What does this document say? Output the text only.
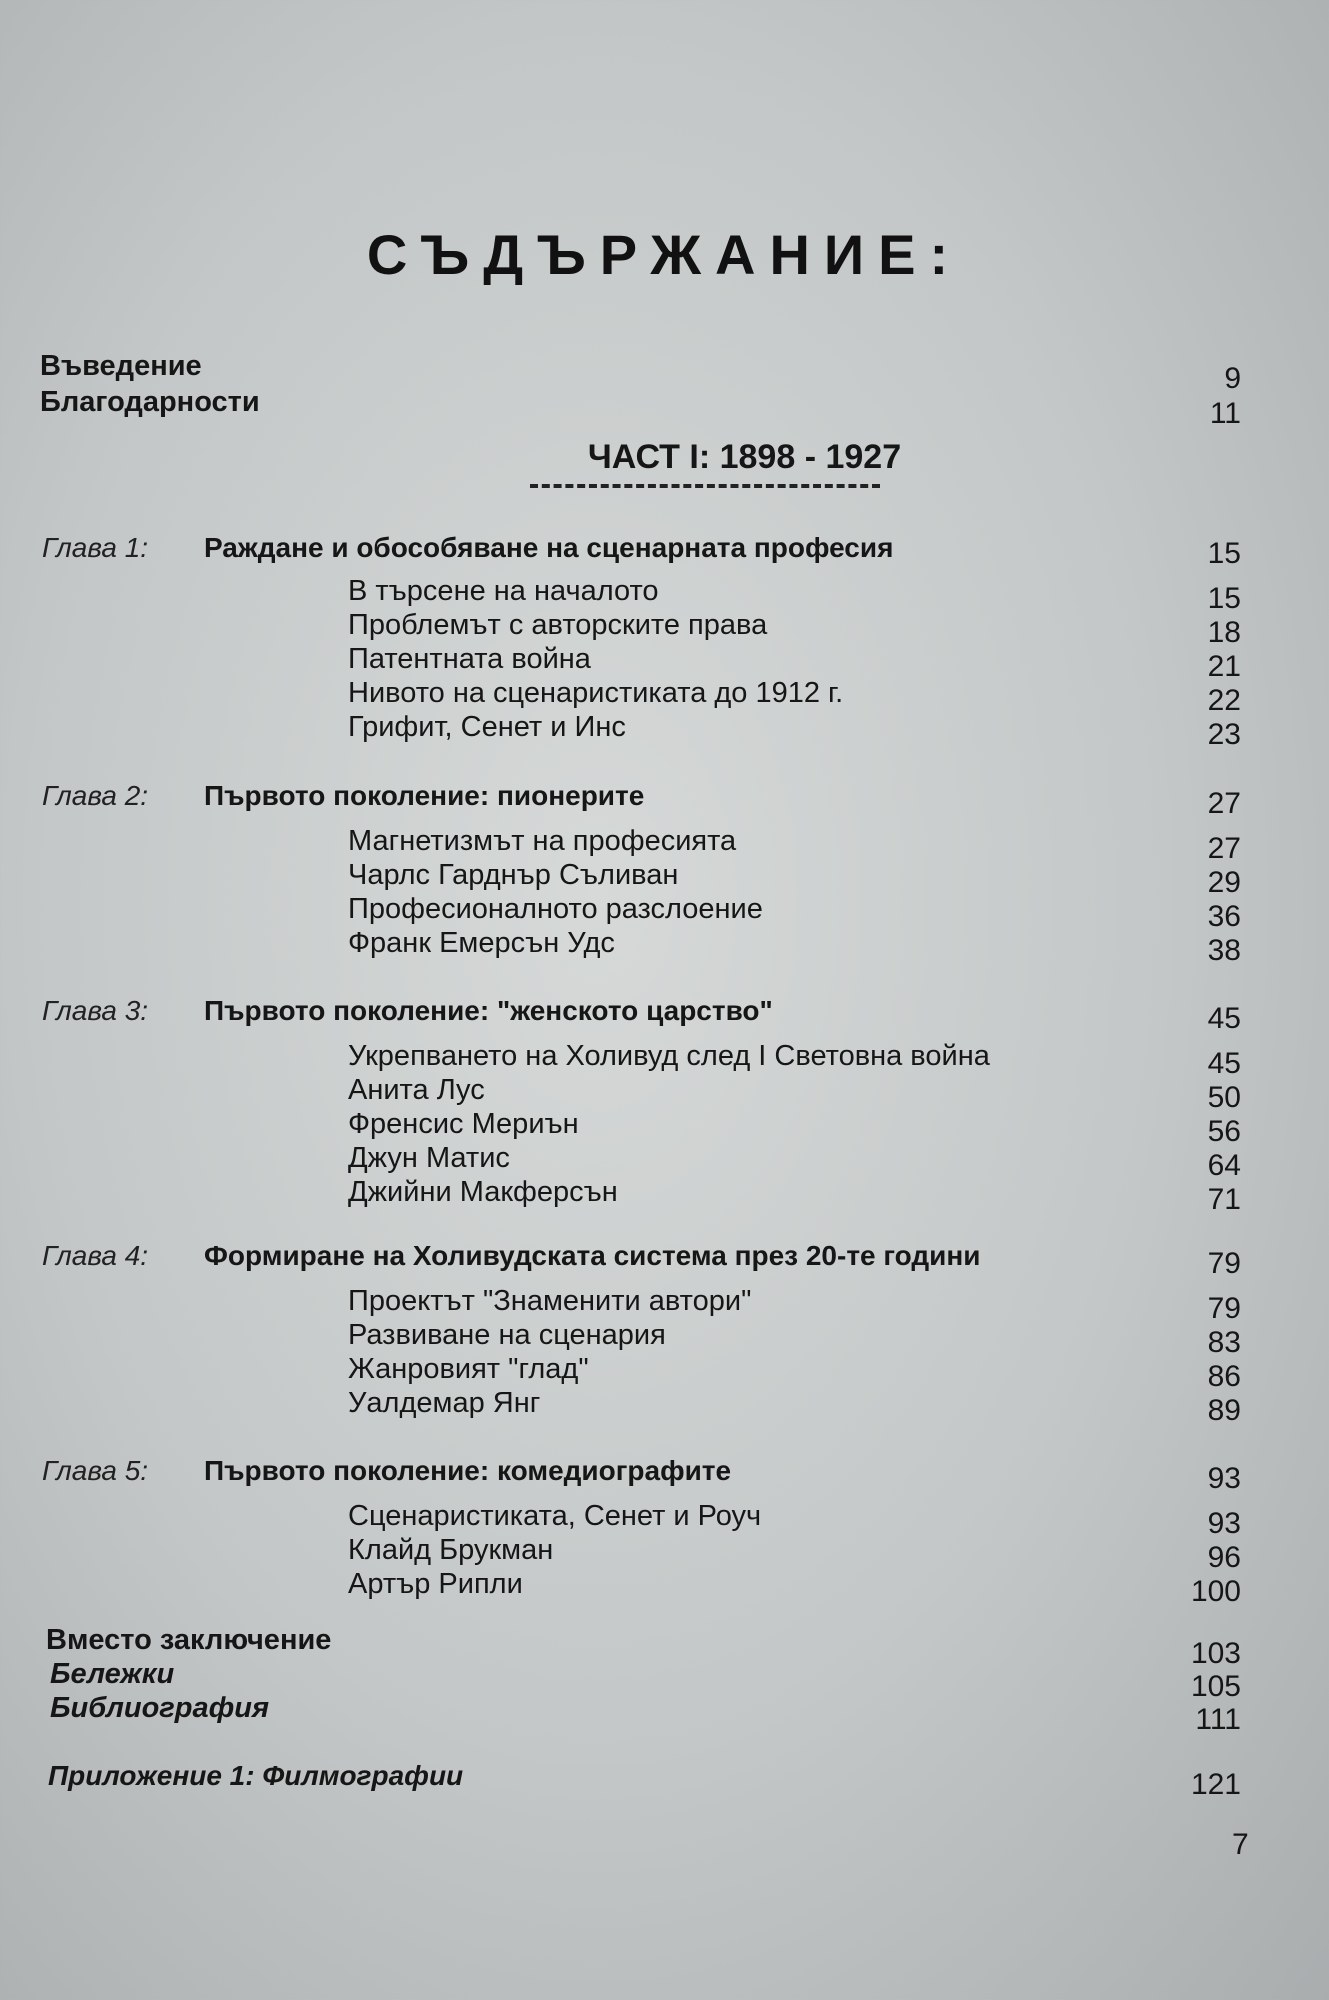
СЪДЪРЖАНИЕ:
Въведение	9
Благодарности	11
ЧАСТ I: 1898 - 1927
Глава 1: Раждане и обособяване на сценарната професия	15
В търсене на началото	15
Проблемът с авторските права	18
Патентната война	21
Нивото на сценаристиката до 1912 г.	22
Грифит, Сенет и Инс	23
Глава 2: Първото поколение: пионерите	27
Магнетизмът на професията	27
Чарлс Гарднър Съливан	29
Професионалното разслоение	36
Франк Емерсън Удс	38
Глава 3: Първото поколение: "женското царство"	45
Укрепването на Холивуд след I Световна война	45
Анита Лус	50
Френсис Мериън	56
Джун Матис	64
Джийни Макферсън	71
Глава 4: Формиране на Холивудската система през 20-те години	79
Проектът "Знаменити автори"	79
Развиване на сценария	83
Жанровият "глад"	86
Уалдемар Янг	89
Глава 5: Първото поколение: комедиографите	93
Сценаристиката, Сенет и Роуч	93
Клайд Брукман	96
Артър Рипли	100
Вместо заключение	103
Бележки	105
Библиография	111
Приложение 1: Филмографии	121
7
